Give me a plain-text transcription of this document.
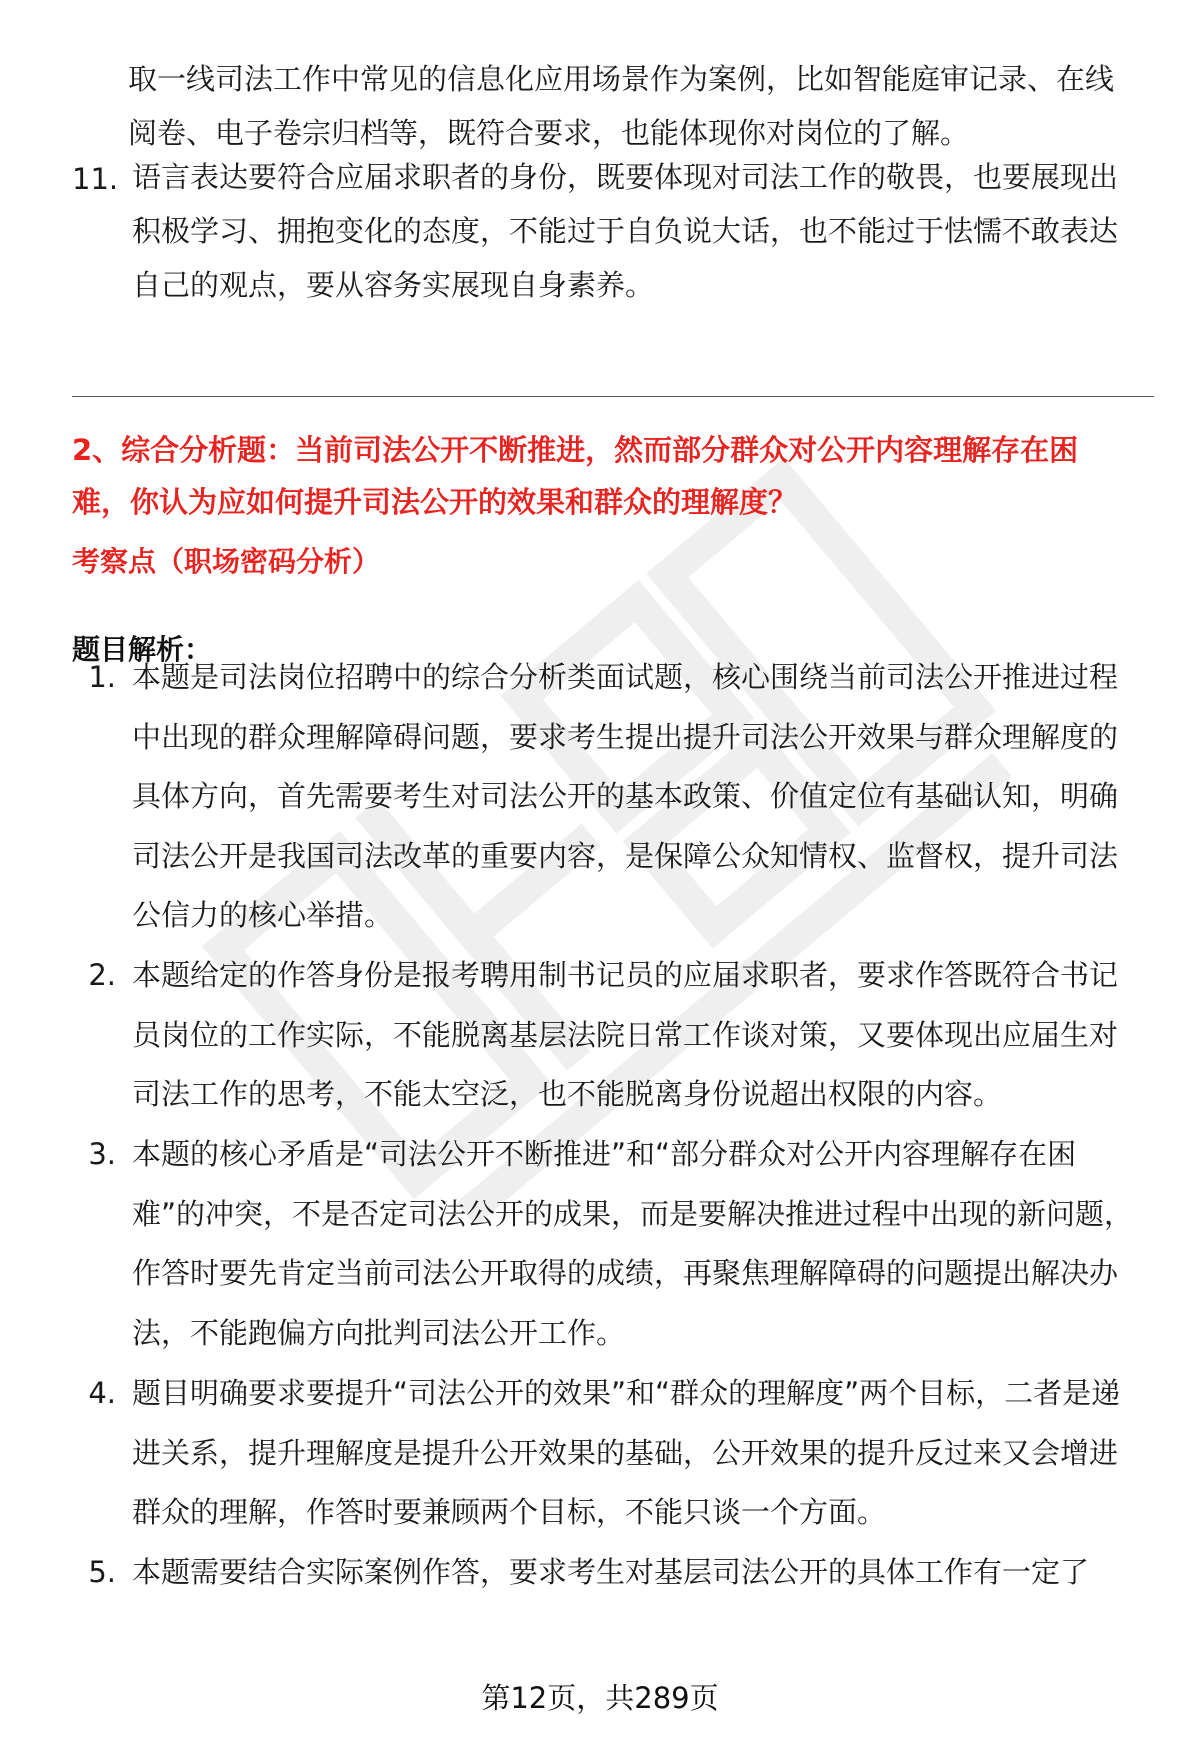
取一线司法工作中常见的信息化应用场景作为案例，比如智能庭审记录、在线阅卷、电子卷宗归档等，既符合要求，也能体现你对岗位的了解。

11. 语言表达要符合应届求职者的身份，既要体现对司法工作的敬畏，也要展现出积极学习、拥抱变化的态度，不能过于自负说大话，也不能过于怯懦不敢表达自己的观点，要从容务实展现自身素养。

2、综合分析题：当前司法公开不断推进，然而部分群众对公开内容理解存在困难，你认为应如何提升司法公开的效果和群众的理解度？

考察点（职场密码分析）

题目解析：

1. 本题是司法岗位招聘中的综合分析类面试题，核心围绕当前司法公开推进过程中出现的群众理解障碍问题，要求考生提出提升司法公开效果与群众理解度的具体方向，首先需要考生对司法公开的基本政策、价值定位有基础认知，明确司法公开是我国司法改革的重要内容，是保障公众知情权、监督权，提升司法公信力的核心举措。

2. 本题给定的作答身份是报考聘用制书记员的应届求职者，要求作答既符合书记员岗位的工作实际，不能脱离基层法院日常工作谈对策，又要体现出应届生对司法工作的思考，不能太空泛，也不能脱离身份说超出权限的内容。

3. 本题的核心矛盾是“司法公开不断推进”和“部分群众对公开内容理解存在困难”的冲突，不是否定司法公开的成果，而是要解决推进过程中出现的新问题，作答时要先肯定当前司法公开取得的成绩，再聚焦理解障碍的问题提出解决办法，不能跑偏方向批判司法公开工作。

4. 题目明确要求要提升“司法公开的效果”和“群众的理解度”两个目标，二者是递进关系，提升理解度是提升公开效果的基础，公开效果的提升反过来又会增进群众的理解，作答时要兼顾两个目标，不能只谈一个方面。

5. 本题需要结合实际案例作答，要求考生对基层司法公开的具体工作有一定了

第12页，共289页
